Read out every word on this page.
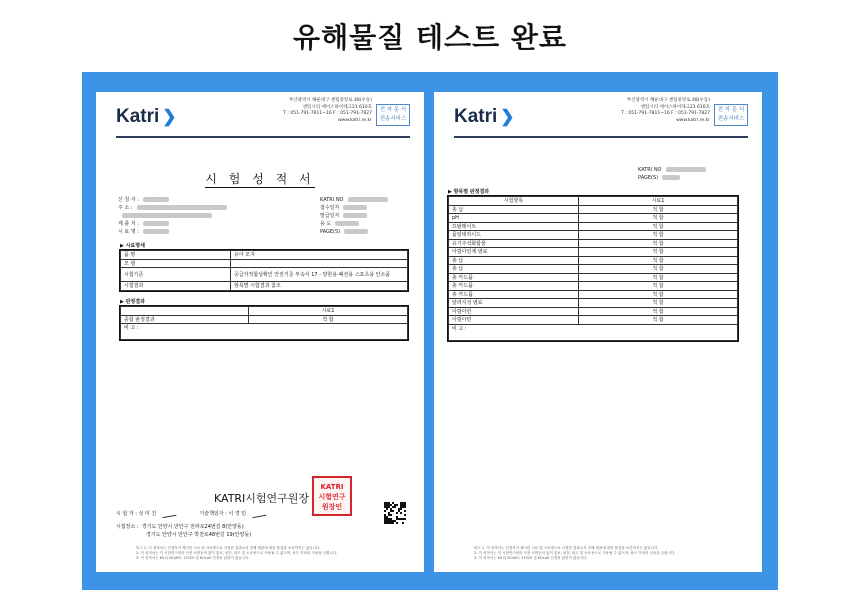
유해물질 테스트 완료
Katri ❯
부산광역시 해운대구 센텀중앙로 48(우동)
센텀시티 에이스하이테크21 610호
T : 051-791-7811~16 F : 051-791-7827
www.katri.re.kr
전 자 문 서
전송서비스
시 험 성 적 서
신 청 자 :
주 소 :
제 출 처 :
시 료 명 :
KATRI NO
접수일자
발급일자
용 도
PAGE(S)
▶ 시료명세
품 명	유아 모자
모 델	
시험기준	공급자적합성확인 안전기준 부속서 17 - 방한용·패션용 스포츠용 안소품
시험결과	항목별 시험결과 참조
▶ 판정결과
	시료1
종합 판정결과	적 합
비 고 :	
KATRI시험연구원장
KATRI
시험연구
원장인
시 험 자 : 성 미 진	기술책임자 : 이 경 민
시험장소 : 경기도 안양시 만안구 전파로24번길 8(안양동)
경기도 안양시 만안구 박천로48번길 19(안양동)
비고 1. 이 성적서는 신청자가 제시한 시료 및 시료명으로 시험한 결과로서 전체 제품에 대한 품질을 보증하지는 않습니다.
2. 이 성적서는 이 시험연구원의 사전 서면동의 없이 홍보, 선전, 광고 및 소송용으로 사용될 수 없으며, 용도 이외의 사용을 금합니다.
3. 이 성적서는 KS Q ISO/IEC 17025 및 KOLAS 인정과 관련이 없습니다.
Katri ❯
부산광역시 해운대구 센텀중앙로 48(우동)
센텀시티 에이스하이테크21 610호
T : 051-791-7811~16 F : 051-791-7827
www.katri.re.kr
전 자 문 서
전송서비스
KATRI NO
PAGE(S)
▶ 항목별 판정결과
시험항목	시료1
총 납	적 합
pH	적 합
프탈레이트	적 합
폼알데하이드	적 합
유기주석화합물	적 합
아릴아민계 염료	적 합
총 납	적 합
총 납	적 합
총 카드뮴	적 합
총 카드뮴	적 합
총 카드뮴	적 합
알러지성 염료	적 합
아릴아민	적 합
아릴아민	적 합
비 고 :	
비고 1. 이 성적서는 신청자가 제시한 시료 및 시료명으로 시험한 결과로서 전체 제품에 대한 품질을 보증하지는 않습니다.
2. 이 성적서는 이 시험연구원의 사전 서면동의 없이 홍보, 선전, 광고 및 소송용으로 사용될 수 없으며, 용도 이외의 사용을 금합니다.
3. 이 성적서는 KS Q ISO/IEC 17025 및 KOLAS 인정과 관련이 없습니다.
